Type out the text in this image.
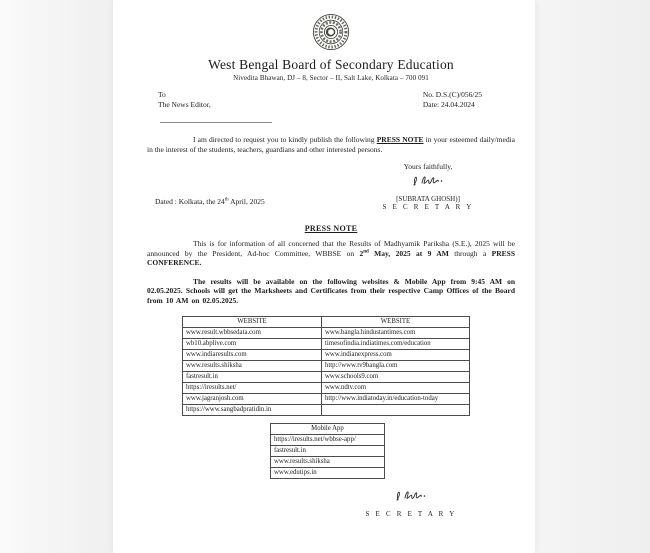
West Bengal Board of Secondary Education
Nivedita Bhawan, DJ – 8, Sector – II, Salt Lake, Kolkata – 700 091
To
The News Editor,
No. D.S.(C)/056/25
Date: 24.04.2024

I am directed to request you to kindly publish the following PRESS NOTE in your esteemed daily/media in the interest of the students, teachers, guardians and other interested persons.

Yours faithfully,
[SUBRATA GHOSH)]
S E C R E T A R Y
Dated : Kolkata, the 24th April, 2025
PRESS NOTE

This is for information of all concerned that the Results of Madhyamik Pariksha (S.E.), 2025 will be announced by the President, Ad-hoc Committee, WBBSE on 2nd May, 2025 at 9 AM through a PRESS CONFERENCE.

The results will be available on the following websites & Mobile App from 9:45 AM on 02.05.2025. Schools will get the Marksheets and Certificates from their respective Camp Offices of the Board from 10 AM on 02.05.2025.

WEBSITE	WEBSITE
www.result.wbbsedata.com	www.bangla.hindustantimes.com
wb10.abplive.com	timesofindia.indiatimes.com/education
www.indiaresults.com	www.indianexpress.com
www.results.shiksha	http://www.tv9bangla.com
fastresult.in	www.schools9.com
https://iresults.net/	www.ndtv.com
www.jagranjosh.com	http://www.indiatoday.in/education-today
https://www.sangbadpratidin.in	
Mobile App
https://iresults.net/wbbse-app/
fastresult.in
www.results.shiksha
www.edutips.in
S E C R E T A R Y
